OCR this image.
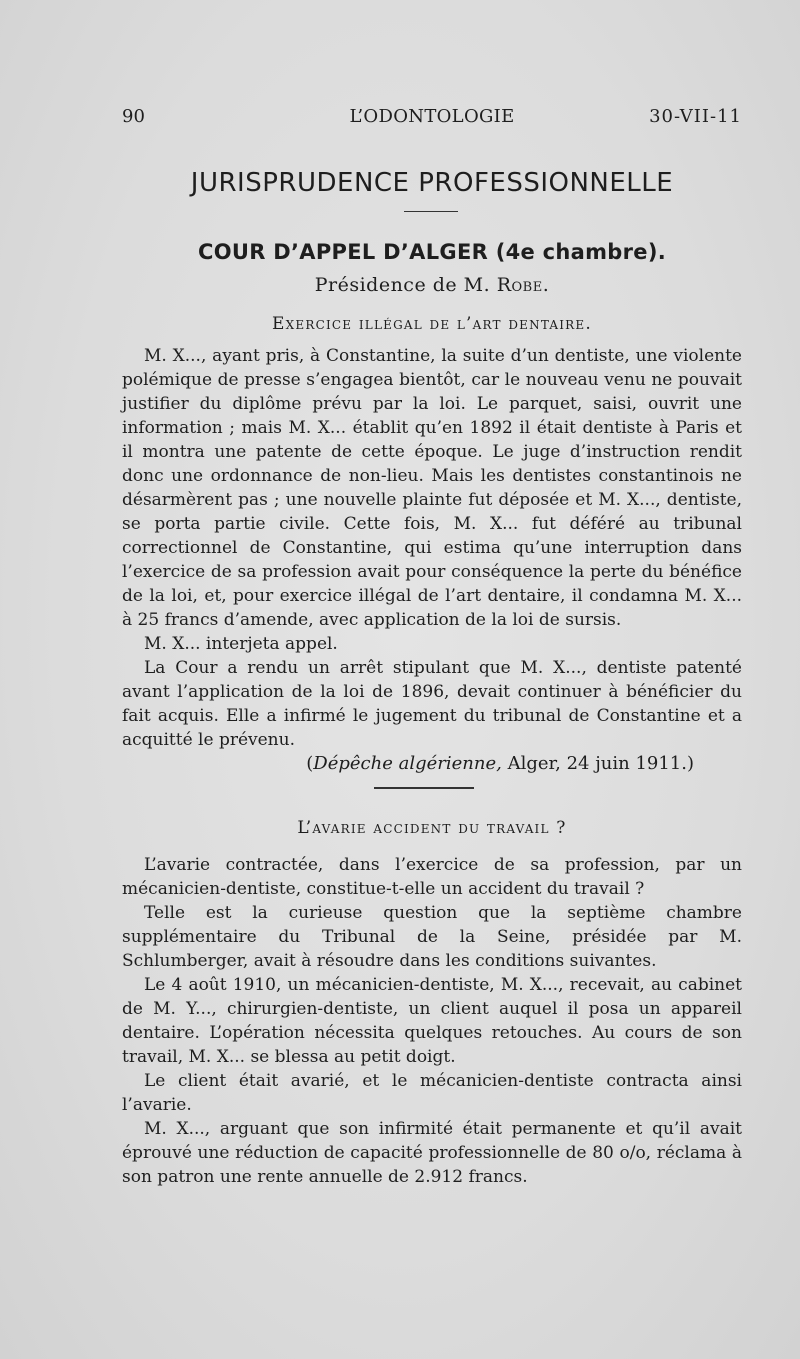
90	L’ODONTOLOGIE	30-VII-11
JURISPRUDENCE PROFESSIONNELLE
COUR D’APPEL D’ALGER (4e chambre).
Présidence de M. Robe.
Exercice illégal de l’art dentaire.

M. X..., ayant pris, à Constantine, la suite d’un dentiste, une violente polémique de presse s’engagea bientôt, car le nouveau venu ne pouvait justifier du diplôme prévu par la loi. Le parquet, saisi, ouvrit une information ; mais M. X... établit qu’en 1892 il était dentiste à Paris et il montra une patente de cette époque. Le juge d’instruction rendit donc une ordonnance de non-lieu. Mais les dentistes constantinois ne désarmèrent pas ; une nouvelle plainte fut déposée et M. X..., dentiste, se porta partie civile. Cette fois, M. X... fut déféré au tribunal correctionnel de Constantine, qui estima qu’une interruption dans l’exercice de sa profession avait pour conséquence la perte du bénéfice de la loi, et, pour exercice illégal de l’art dentaire, il condamna M. X... à 25 francs d’amende, avec application de la loi de sursis.

M. X... interjeta appel.

La Cour a rendu un arrêt stipulant que M. X..., dentiste patenté avant l’application de la loi de 1896, devait continuer à bénéficier du fait acquis. Elle a infirmé le jugement du tribunal de Constantine et a acquitté le prévenu.

(Dépêche algérienne, Alger, 24 juin 1911.)

L’avarie accident du travail ?

L’avarie contractée, dans l’exercice de sa profession, par un mécanicien-dentiste, constitue-t-elle un accident du travail ?

Telle est la curieuse question que la septième chambre supplémentaire du Tribunal de la Seine, présidée par M. Schlumberger, avait à résoudre dans les conditions suivantes.

Le 4 août 1910, un mécanicien-dentiste, M. X..., recevait, au cabinet de M. Y..., chirurgien-dentiste, un client auquel il posa un appareil dentaire. L’opération nécessita quelques retouches. Au cours de son travail, M. X... se blessa au petit doigt.

Le client était avarié, et le mécanicien-dentiste contracta ainsi l’avarie.

M. X..., arguant que son infirmité était permanente et qu’il avait éprouvé une réduction de capacité professionnelle de 80 o/o, réclama à son patron une rente annuelle de 2.912 francs.
